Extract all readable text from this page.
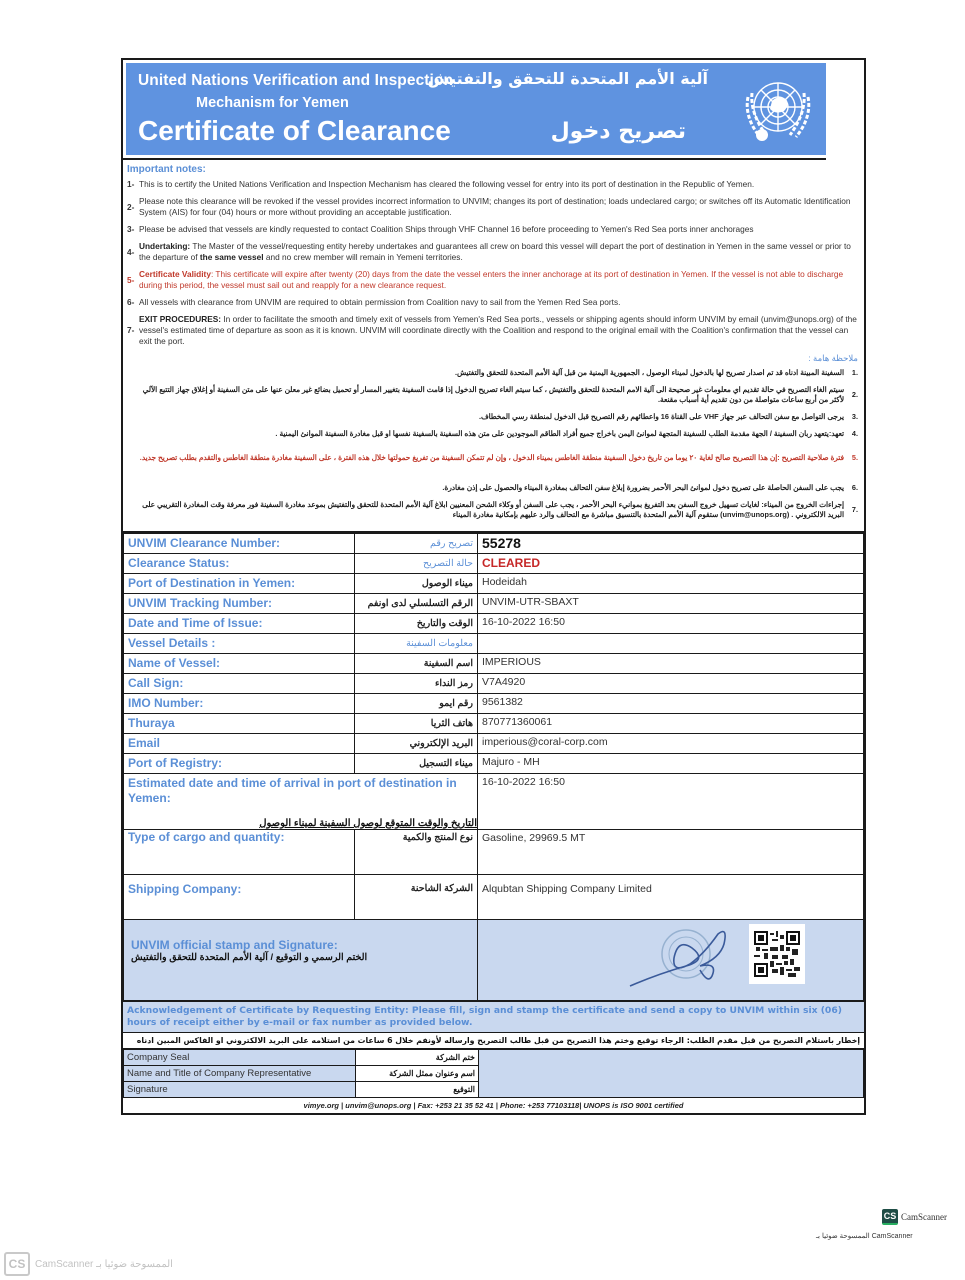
United Nations Verification and Inspection
Mechanism for Yemen
Certificate of Clearance
آلية الأمم المتحدة للتحقق والتفتيش
تصريح دخول
Important notes:
1- This is to certify the United Nations Verification and Inspection Mechanism has cleared the following vessel for entry into its port of destination in the Republic of Yemen.
2-
Please note this clearance will be revoked if the vessel provides incorrect information to UNVIM; changes its port of destination; loads undeclared cargo; or switches off its Automatic Identification System (AIS) for four (04) hours or more without providing an acceptable justification.
3- Please be advised that vessels are kindly requested to contact Coalition Ships through VHF Channel 16 before proceeding to Yemen's Red Sea ports inner anchorages
4-
Undertaking: The Master of the vessel/requesting entity hereby undertakes and guarantees all crew on board this vessel will depart the port of destination in Yemen in the same vessel or prior to the departure of the same vessel and no crew member will remain in Yemeni territories.
5-
Certificate Validity: This certificate will expire after twenty (20) days from the date the vessel enters the inner anchorage at its port of destination in Yemen. If the vessel is not able to discharge during this period, the vessel must sail out and reapply for a new clearance request.
6- All vessels with clearance from UNVIM are required to obtain permission from Coalition navy to sail from the Yemen Red Sea ports.
7-
EXIT PROCEDURES: In order to facilitate the smooth and timely exit of vessels from Yemen's Red Sea ports., vessels or shipping agents should inform UNVIM by email (unvim@unops.org) of the vessel's estimated time of departure as soon as it is known. UNVIM will coordinate directly with the Coalition and respond to the original email with the Coalition's confirmation that the vessel can exit the port.
ملاحظة هامة :
.1
السفينة المبينة ادناه قد تم اصدار تصريح لها بالدخول لميناء الوصول ، الجمهورية اليمنية من قبل آلية الأمم المتحدة للتحقق والتفتيش.
.2
سيتم الغاء التصريح في حالة تقديم اي معلومات غير صحيحة الى آلية الامم المتحدة للتحقق والتفتيش ، كما سيتم الغاء تصريح الدخول إذا قامت السفينة بتغيير المسار أو تحميل بضائع غير معلن عنها على متن السفينة أو إغلاق جهاز التتبع الآلي لأكثر من أربع ساعات متواصلة من دون تقديم أية أسباب مقنعة.
.3
يرجى التواصل مع سفن التحالف عبر جهاز VHF على القناة 16 واعطائهم رقم التصريح قبل الدخول لمنطقة رسي المخطاف.
.4
تعهد:يتعهد ربان السفينة / الجهة مقدمة الطلب للسفينة المتجهة لموانئ اليمن باخراج جميع أفراد الطاقم الموجودين على متن هذه السفينة بالسفينة نفسها او قبل مغادرة السفينة الموانئ اليمنية .
.5
فترة صلاحية التصريح :إن هذا التصريح صالح لغاية ٢٠ يوما من تاريخ دخول السفينة منطقة الغاطس بميناء الدخول ، وإن لم تتمكن السفينة من تفريغ حمولتها خلال هذه الفترة ، على السفينة مغادرة منطقة الغاطس والتقدم بطلب تصريح جديد.
.6
يجب على السفن الحاصلة على تصريح دخول لموانئ البحر الأحمر بضرورة إبلاغ سفن التحالف بمغادرة الميناء والحصول على إذن مغادرة.
.7
إجراءات الخروج من الميناء: لغايات تسهيل خروج السفن بعد التفريغ بموانيء البحر الأحمر ، يجب على السفن أو وكلاء الشحن المعنيين ابلاغ آلية الأمم المتحدة للتحقق والتفتيش بموعد مغادرة السفينة فور معرفة وقت المغادرة التقريبي على البريد الالكتروني . (unvim@unops.org) ستقوم آلية الأمم المتحدة بالتنسيق مباشرة مع التحالف والرد عليهم بإمكانية مغادرة الميناء
UNVIM Clearance Number:	تصريح رقم	55278
Clearance Status:	حالة التصريح	CLEARED
Port of Destination in Yemen:	ميناء الوصول	Hodeidah
UNVIM Tracking Number:	الرقم التسلسلي لدى اونفم	UNVIM-UTR-SBAXT
Date and Time of Issue:	الوقت والتاريخ	16-10-2022 16:50
Vessel Details :	معلومات السفينة	
Name of Vessel:	اسم السفينة	IMPERIOUS
Call Sign:	رمز النداء	V7A4920
IMO Number:	رقم ايمو	9561382
Thuraya	هاتف الثريا	870771360061
Email	البريد الإلكتروني	imperious@coral-corp.com
Port of Registry:	ميناء التسجيل	Majuro - MH

Estimated date and time of arrival in port of destination in Yemen:
التاريخ والوقت المتوقع لوصول السفينة لميناء الوصول		16-10-2022 16:50
Type of cargo and quantity:	نوع المنتج والكمية	Gasoline, 29969.5 MT
Shipping Company:	الشركة الشاحنة	Alqubtan Shipping Company Limited

UNVIM official stamp and Signature:
الختم الرسمي و التوقيع / آلية الأمم المتحدة للتحقق والتفتيش

Acknowledgement of Certificate by Requesting Entity: Please fill, sign and stamp the certificate and send a copy to UNVIM within six (06) hours of receipt either by e-mail or fax number as provided below.
إخطار باستلام التصريح من قبل مقدم الطلب: الرجاء توقيع وختم هذا التصريح من قبل طالب التصريح وارساله لأونفم خلال 6 ساعات من استلامه على البريد الالكتروني او الفاكس المبين ادناه
Company Seal	ختم الشركة	
Name and Title of Company Representative	اسم وعنوان ممثل الشركة	
Signature	التوقيع	
vimye.org | unvim@unops.org | Fax: +253 21 35 52 41 | Phone: +253 77103118| UNOPS is ISO 9001 certified
CS CamScanner
الممسوحة ضوئيا بـ CamScanner
CS CamScanner الممسوحة ضوئيا بـ
